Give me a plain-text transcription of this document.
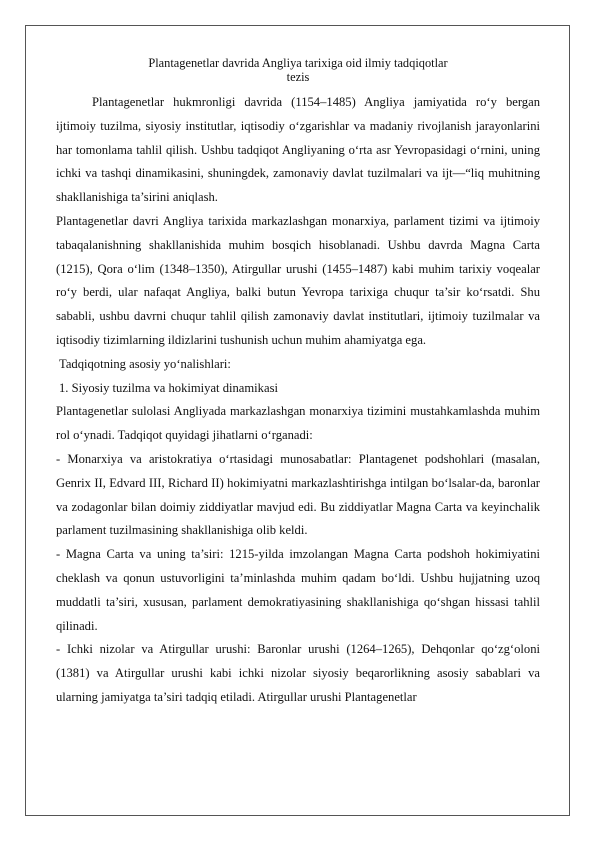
Plantagenetlar davrida Angliya tarixiga oid ilmiy tadqiqotlar

tezis

Plantagenetlar hukmronligi davrida (1154–1485) Angliya jamiyatida ro‘y bergan ijtimoiy tuzilma, siyosiy institutlar, iqtisodiy o‘zgarishlar va madaniy rivojlanish jarayonlarini har tomonlama tahlil qilish. Ushbu tadqiqot Angliyaning o‘rta asr Yevropasidagi o‘rnini, uning ichki va tashqi dinamikasini, shuningdek, zamonaviy davlat tuzilmalari va ijt—“liq muhitning shakllanishiga ta’sirini aniqlash.

Plantagenetlar davri Angliya tarixida markazlashgan monarxiya, parlament tizimi va ijtimoiy tabaqalanishning shakllanishida muhim bosqich hisoblanadi. Ushbu davrda Magna Carta (1215), Qora o‘lim (1348–1350), Atirgullar urushi (1455–1487) kabi muhim tarixiy voqealar ro‘y berdi, ular nafaqat Angliya, balki butun Yevropa tarixiga chuqur ta’sir ko‘rsatdi. Shu sababli, ushbu davrni chuqur tahlil qilish zamonaviy davlat institutlari, ijtimoiy tuzilmalar va iqtisodiy tizimlarning ildizlarini tushunish uchun muhim ahamiyatga ega.

Tadqiqotning asosiy yo‘nalishlari:

1. Siyosiy tuzilma va hokimiyat dinamikasi

Plantagenetlar sulolasi Angliyada markazlashgan monarxiya tizimini mustahkamlashda muhim rol o‘ynadi. Tadqiqot quyidagi jihatlarni o‘rganadi:

- Monarxiya va aristokratiya o‘rtasidagi munosabatlar: Plantagenet podshohlari (masalan, Genrix II, Edvard III, Richard II) hokimiyatni markazlashtirishga intilgan bo‘lsalar-da, baronlar va zodagonlar bilan doimiy ziddiyatlar mavjud edi. Bu ziddiyatlar Magna Carta va keyinchalik parlament tuzilmasining shakllanishiga olib keldi.

- Magna Carta va uning ta’siri: 1215-yilda imzolangan Magna Carta podshoh hokimiyatini cheklash va qonun ustuvorligini ta’minlashda muhim qadam bo‘ldi. Ushbu hujjatning uzoq muddatli ta’siri, xususan, parlament demokratiyasining shakllanishiga qo‘shgan hissasi tahlil qilinadi.

- Ichki nizolar va Atirgullar urushi: Baronlar urushi (1264–1265), Dehqonlar qo‘zg‘oloni (1381) va Atirgullar urushi kabi ichki nizolar siyosiy beqarorlikning asosiy sabablari va ularning jamiyatga ta’siri tadqiq etiladi. Atirgullar urushi Plantagenetlar
